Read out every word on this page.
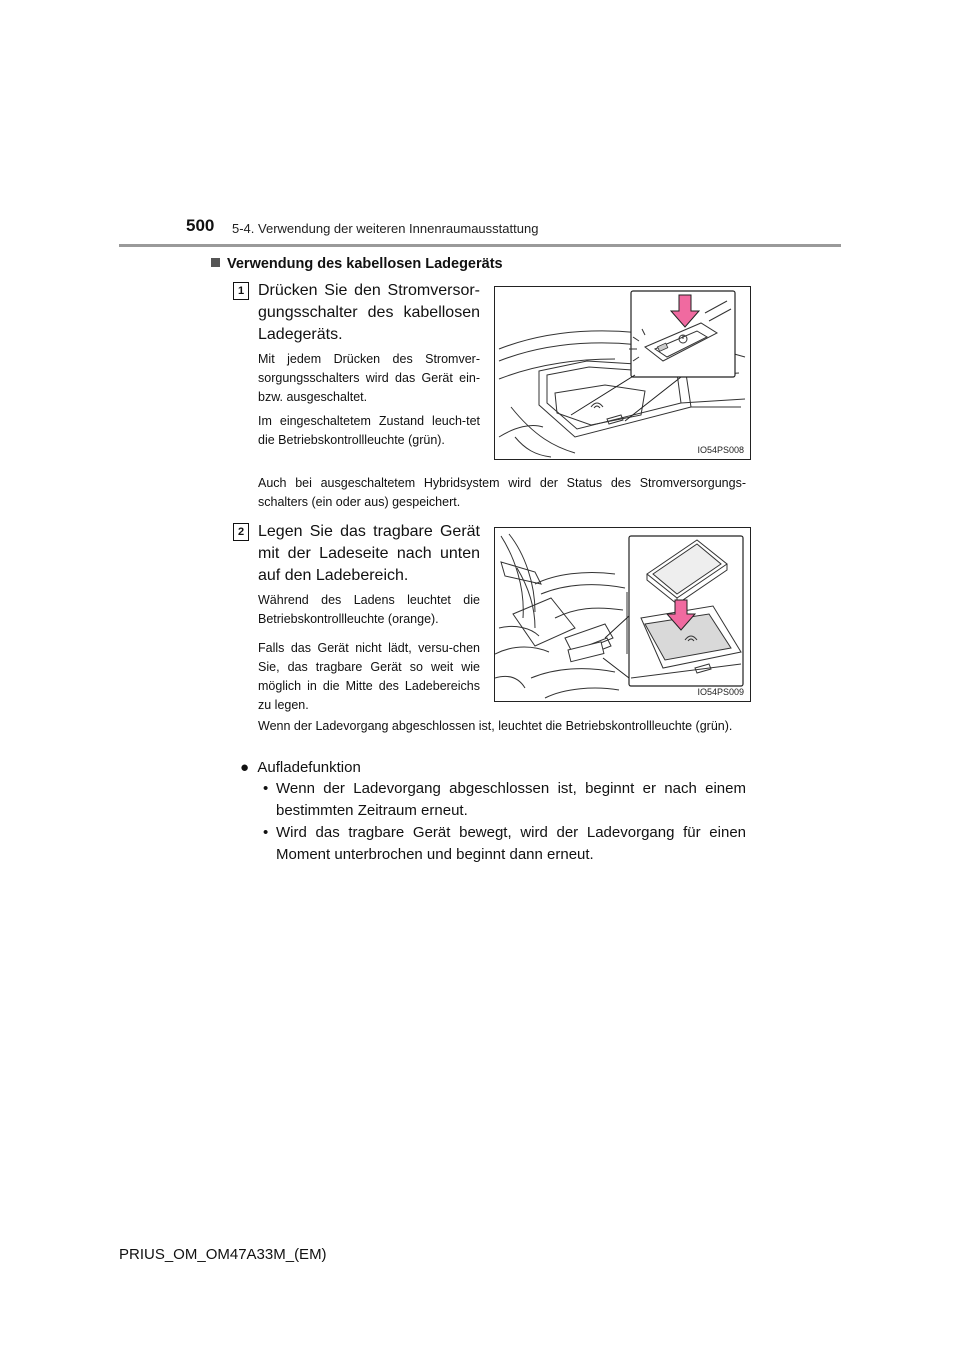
500 5-4. Verwendung der weiteren Innenraumausstattung
Verwendung des kabellosen Ladegeräts
1 Drücken Sie den Stromversor-gungsschalter des kabellosen Ladegeräts.
Mit jedem Drücken des Stromver-sorgungsschalters wird das Gerät ein- bzw. ausgeschaltet.
Im eingeschaltetem Zustand leuch-tet die Betriebskontrollleuchte (grün).
Auch bei ausgeschaltetem Hybridsystem wird der Status des Stromversorgungs-schalters (ein oder aus) gespeichert.
IO54PS008
2 Legen Sie das tragbare Gerät mit der Ladeseite nach unten auf den Ladebereich.
Während des Ladens leuchtet die Betriebskontrollleuchte (orange).
Falls das Gerät nicht lädt, versu-chen Sie, das tragbare Gerät so weit wie möglich in die Mitte des Ladebereichs zu legen.
Wenn der Ladevorgang abgeschlossen ist, leuchtet die Betriebskontrollleuchte (grün).
IO54PS009
● Aufladefunktion
• Wenn der Ladevorgang abgeschlossen ist, beginnt er nach einem bestimmten Zeitraum erneut.
• Wird das tragbare Gerät bewegt, wird der Ladevorgang für einen Moment unterbrochen und beginnt dann erneut.
PRIUS_OM_OM47A33M_(EM)
